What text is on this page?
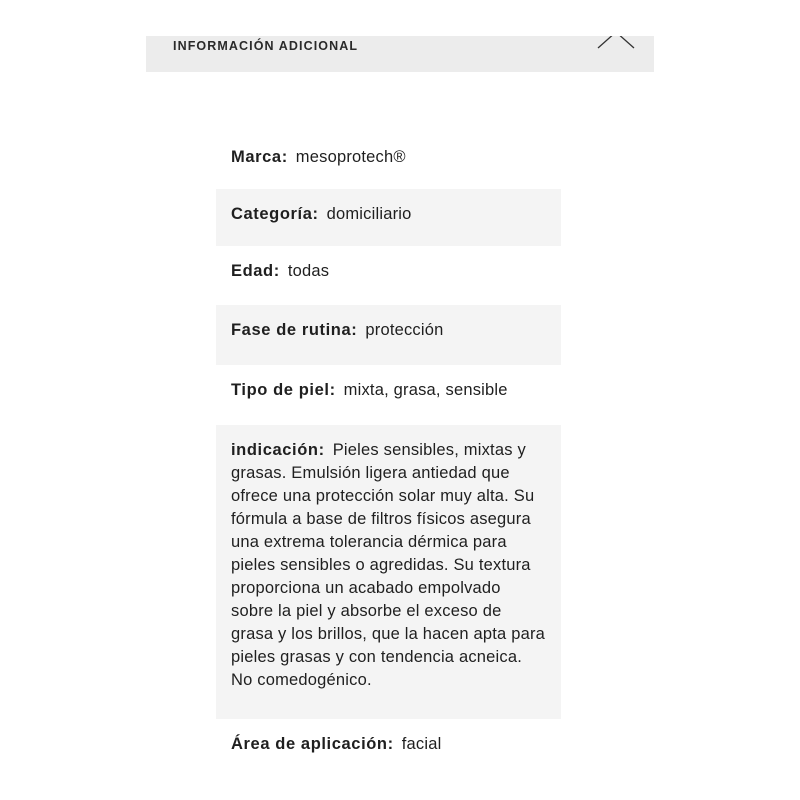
INFORMACIÓN ADICIONAL
Marca: mesoprotech®
Categoría: domiciliario
Edad: todas
Fase de rutina: protección
Tipo de piel: mixta, grasa, sensible
indicación: Pieles sensibles, mixtas y grasas. Emulsión ligera antiedad que ofrece una protección solar muy alta. Su fórmula a base de filtros físicos asegura una extrema tolerancia dérmica para pieles sensibles o agredidas. Su textura proporciona un acabado empolvado sobre la piel y absorbe el exceso de grasa y los brillos, que la hacen apta para pieles grasas y con tendencia acneica. No comedogénico.
Área de aplicación: facial
